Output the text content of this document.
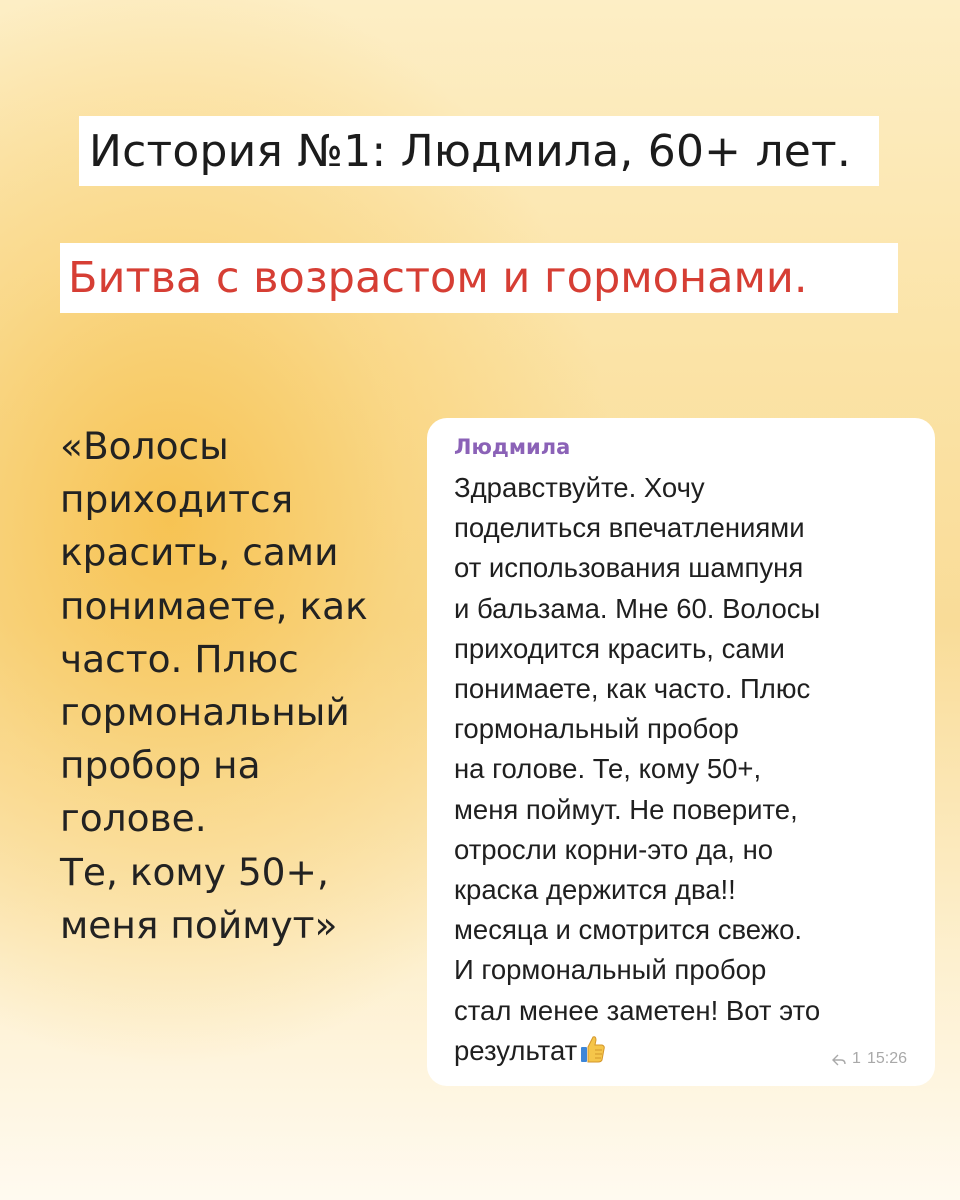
История №1: Людмила, 60+ лет.
Битва с возрастом и гормонами.
«Волосы
приходится
красить, сами
понимаете, как
часто. Плюс
гормональный
пробор на
голове.
Те, кому 50+,
меня поймут»
Людмила
Здравствуйте. Хочу
поделиться впечатлениями
от использования шампуня
и бальзама. Мне 60. Волосы
приходится красить, сами
понимаете, как часто. Плюс
гормональный пробор
на голове. Те, кому 50+,
меня поймут. Не поверите,
отросли корни-это да, но
краска держится два!!
месяца и смотрится свежо.
И гормональный пробор
стал менее заметен! Вот это
результат	1 15:26
